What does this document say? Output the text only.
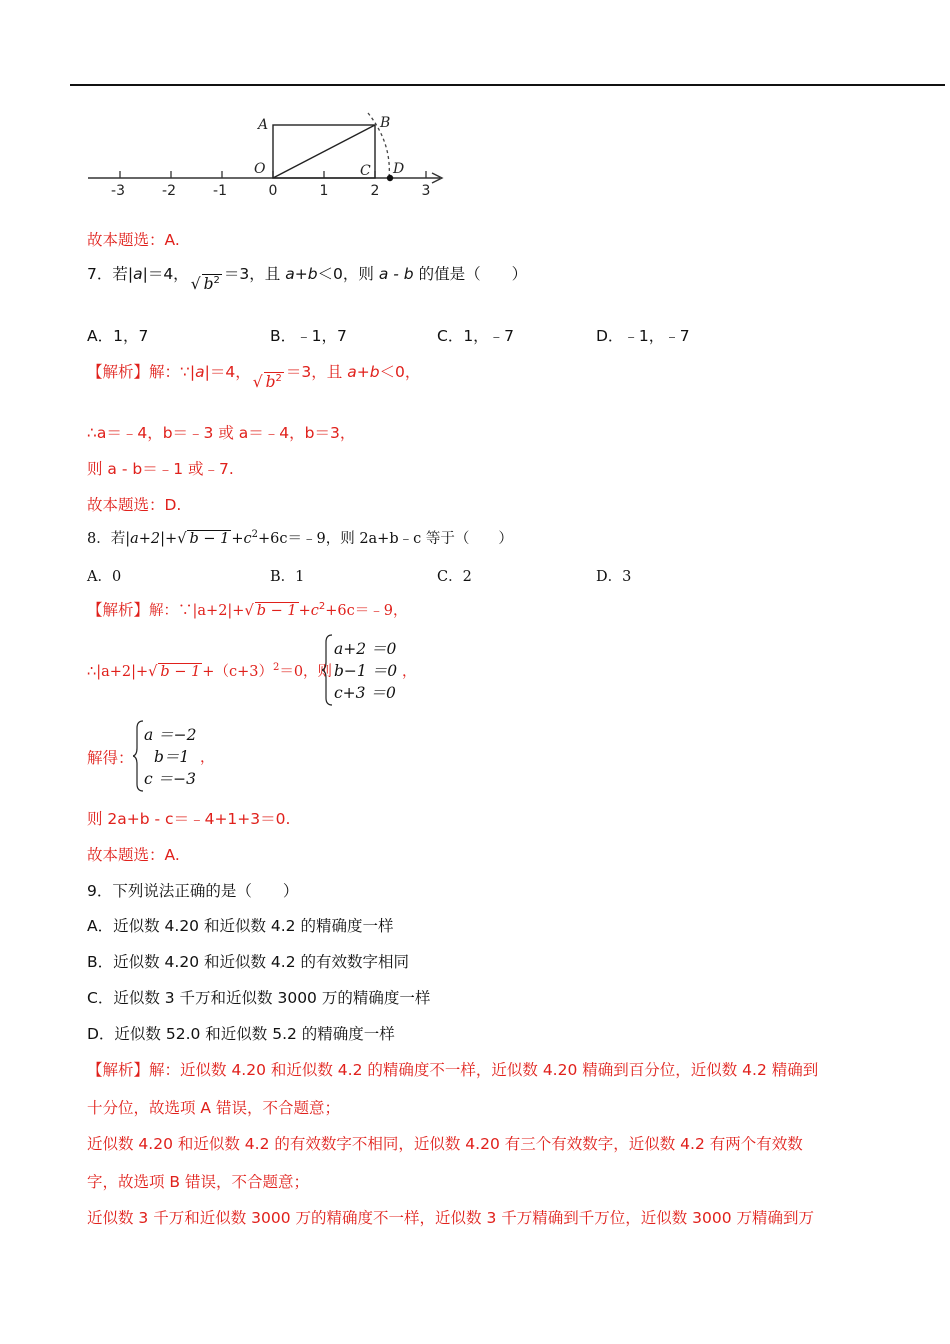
A	B
O	C D
-3	-2	-1	0	1	2	3
故本题选：A.
7．若|a|＝4，√ $b^2 =3$，且 a+b＜0，则 a - b 的值是（　　）
A．1，7	B．﹣1，7	C．1，﹣7	D．﹣1，﹣7
【解析】解：∵|a|＝4，√ $b^2 =3$，且 a+b＜0，
∴a＝﹣4，b＝﹣3 或 a＝﹣4，b＝3，
则 a - b＝﹣1 或﹣7.
故本题选：D.
8．若|a+2|+√ $b - 1 +c^2+6c=﹣9$，则 2a+b﹣c 等于（　　）
A．0	B．1	C．2	D．3
【解析】解：∵|a+2|+√ $b - 1 +c^2+6c=﹣9$，
∴|a+2|+√ $b - 1 +(c+3)^2=0$，则
a+2 ＝0
b−1 ＝0
c+3 ＝0
，
解得：
a ＝−2
b＝1
c ＝−3
，
则 2a+b - c＝﹣4+1+3＝0.
故本题选：A.
9．下列说法正确的是（　　）
A．近似数 4.20 和近似数 4.2 的精确度一样
B．近似数 4.20 和近似数 4.2 的有效数字相同
C．近似数 3 千万和近似数 3000 万的精确度一样
D．近似数 52.0 和近似数 5.2 的精确度一样
【解析】解：近似数 4.20 和近似数 4.2 的精确度不一样，近似数 4.20 精确到百分位，近似数 4.2 精确到
十分位，故选项 A 错误，不合题意；
近似数 4.20 和近似数 4.2 的有效数字不相同，近似数 4.20 有三个有效数字，近似数 4.2 有两个有效数
字，故选项 B 错误，不合题意；
近似数 3 千万和近似数 3000 万的精确度不一样，近似数 3 千万精确到千万位，近似数 3000 万精确到万
